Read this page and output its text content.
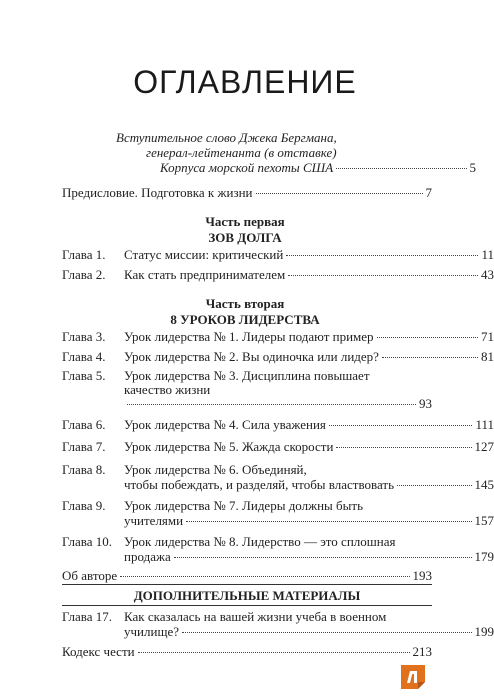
ОГЛАВЛЕНИЕ
Вступительное слово Джека Бергмана,
генерал-лейтенанта (в отставке)
Корпуса морской пехоты США	5
Предисловие. Подготовка к жизни	7
Часть первая
ЗОВ ДОЛГА
Глава 1.	Статус миссии: критический	11
Глава 2.	Как стать предпринимателем	43
Часть вторая
8 УРОКОВ ЛИДЕРСТВА
Глава 3.	Урок лидерства № 1. Лидеры подают пример	71
Глава 4.	Урок лидерства № 2. Вы одиночка или лидер?	81
Глава 5.	Урок лидерства № 3. Дисциплина повышает
качество жизни
93
Глава 6.	Урок лидерства № 4. Сила уважения	111
Глава 7.	Урок лидерства № 5. Жажда скорости	127
Глава 8.	Урок лидерства № 6. Объединяй,
чтобы побеждать, и разделяй, чтобы властвовать	145
Глава 9.	Урок лидерства № 7. Лидеры должны быть
учителями	157
Глава 10. Урок лидерства № 8. Лидерство — это сплошная
продажа	179
Об авторе	193
ДОПОЛНИТЕЛЬНЫЕ МАТЕРИАЛЫ
Глава 17. Как сказалась на вашей жизни учеба в военном
училище?	199
Кодекс чести	213
